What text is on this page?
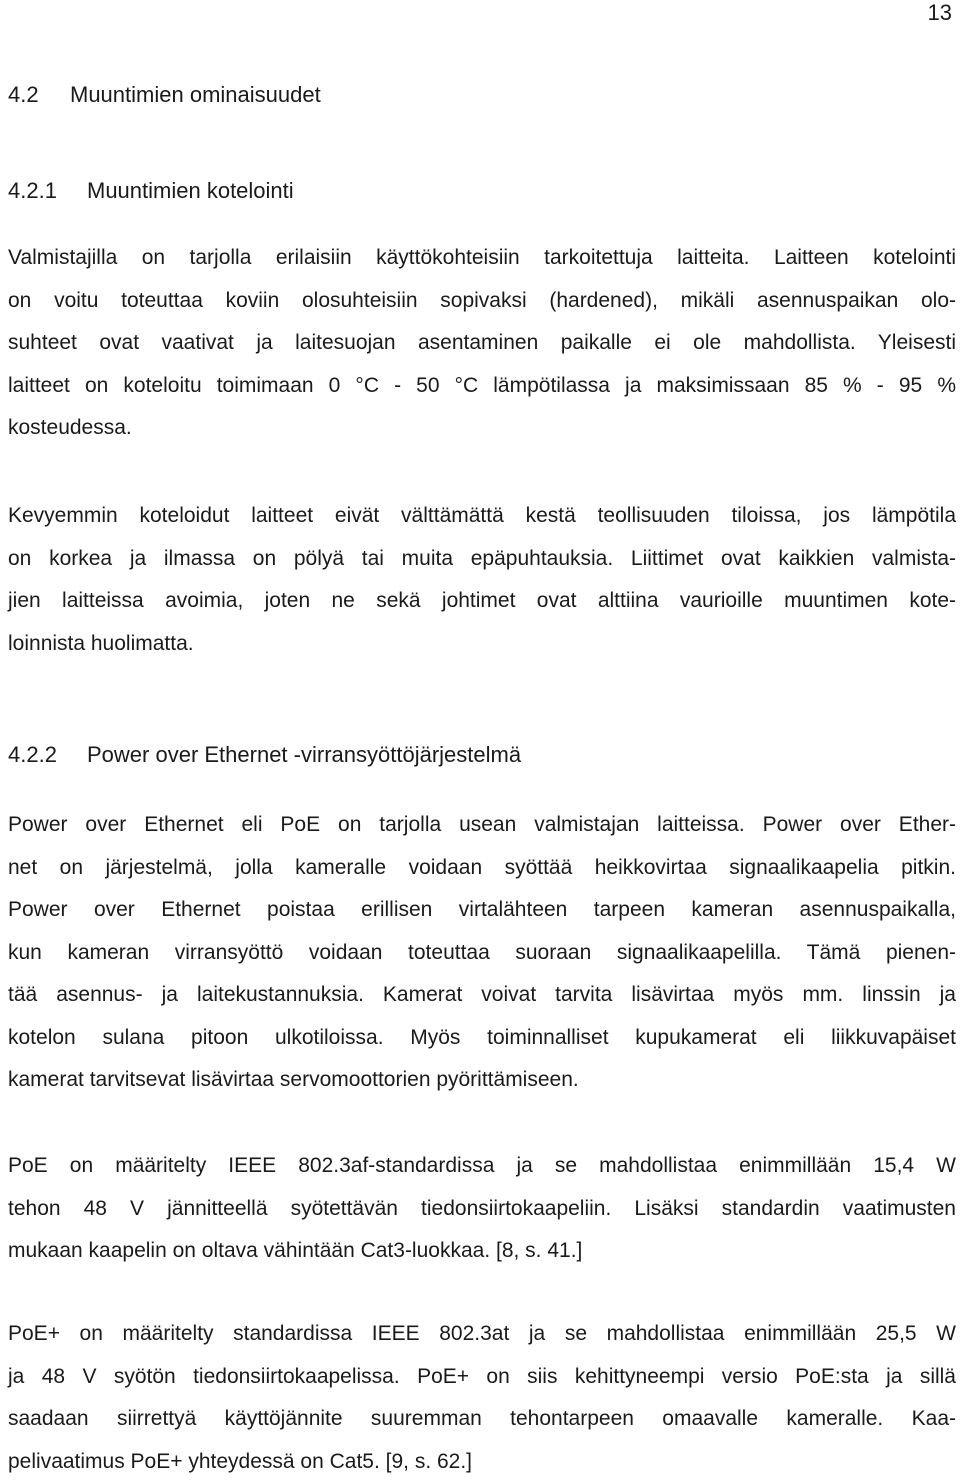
13
4.2 Muuntimien ominaisuudet
4.2.1 Muuntimien kotelointi
Valmistajilla on tarjolla erilaisiin käyttökohteisiin tarkoitettuja laitteita. Laitteen kotelointi
on voitu toteuttaa koviin olosuhteisiin sopivaksi (hardened), mikäli asennuspaikan olo-
suhteet ovat vaativat ja laitesuojan asentaminen paikalle ei ole mahdollista. Yleisesti
laitteet on koteloitu toimimaan 0 °C - 50 °C lämpötilassa ja maksimissaan 85 % - 95 %
kosteudessa.
Kevyemmin koteloidut laitteet eivät välttämättä kestä teollisuuden tiloissa, jos lämpötila
on korkea ja ilmassa on pölyä tai muita epäpuhtauksia. Liittimet ovat kaikkien valmista-
jien laitteissa avoimia, joten ne sekä johtimet ovat alttiina vaurioille muuntimen kote-
loinnista huolimatta.
4.2.2 Power over Ethernet -virransyöttöjärjestelmä
Power over Ethernet eli PoE on tarjolla usean valmistajan laitteissa. Power over Ether-
net on järjestelmä, jolla kameralle voidaan syöttää heikkovirtaa signaalikaapelia pitkin.
Power over Ethernet poistaa erillisen virtalähteen tarpeen kameran asennuspaikalla,
kun kameran virransyöttö voidaan toteuttaa suoraan signaalikaapelilla. Tämä pienen-
tää asennus- ja laitekustannuksia. Kamerat voivat tarvita lisävirtaa myös mm. linssin ja
kotelon sulana pitoon ulkotiloissa. Myös toiminnalliset kupukamerat eli liikkuvapäiset
kamerat tarvitsevat lisävirtaa servomoottorien pyörittämiseen.
PoE on määritelty IEEE 802.3af-standardissa ja se mahdollistaa enimmillään 15,4 W
tehon 48 V jännitteellä syötettävän tiedonsiirtokaapeliin. Lisäksi standardin vaatimusten
mukaan kaapelin on oltava vähintään Cat3-luokkaa. [8, s. 41.]
PoE+ on määritelty standardissa IEEE 802.3at ja se mahdollistaa enimmillään 25,5 W
ja 48 V syötön tiedonsiirtokaapelissa. PoE+ on siis kehittyneempi versio PoE:sta ja sillä
saadaan siirrettyä käyttöjännite suuremman tehontarpeen omaavalle kameralle. Kaa-
pelivaatimus PoE+ yhteydessä on Cat5. [9, s. 62.]
